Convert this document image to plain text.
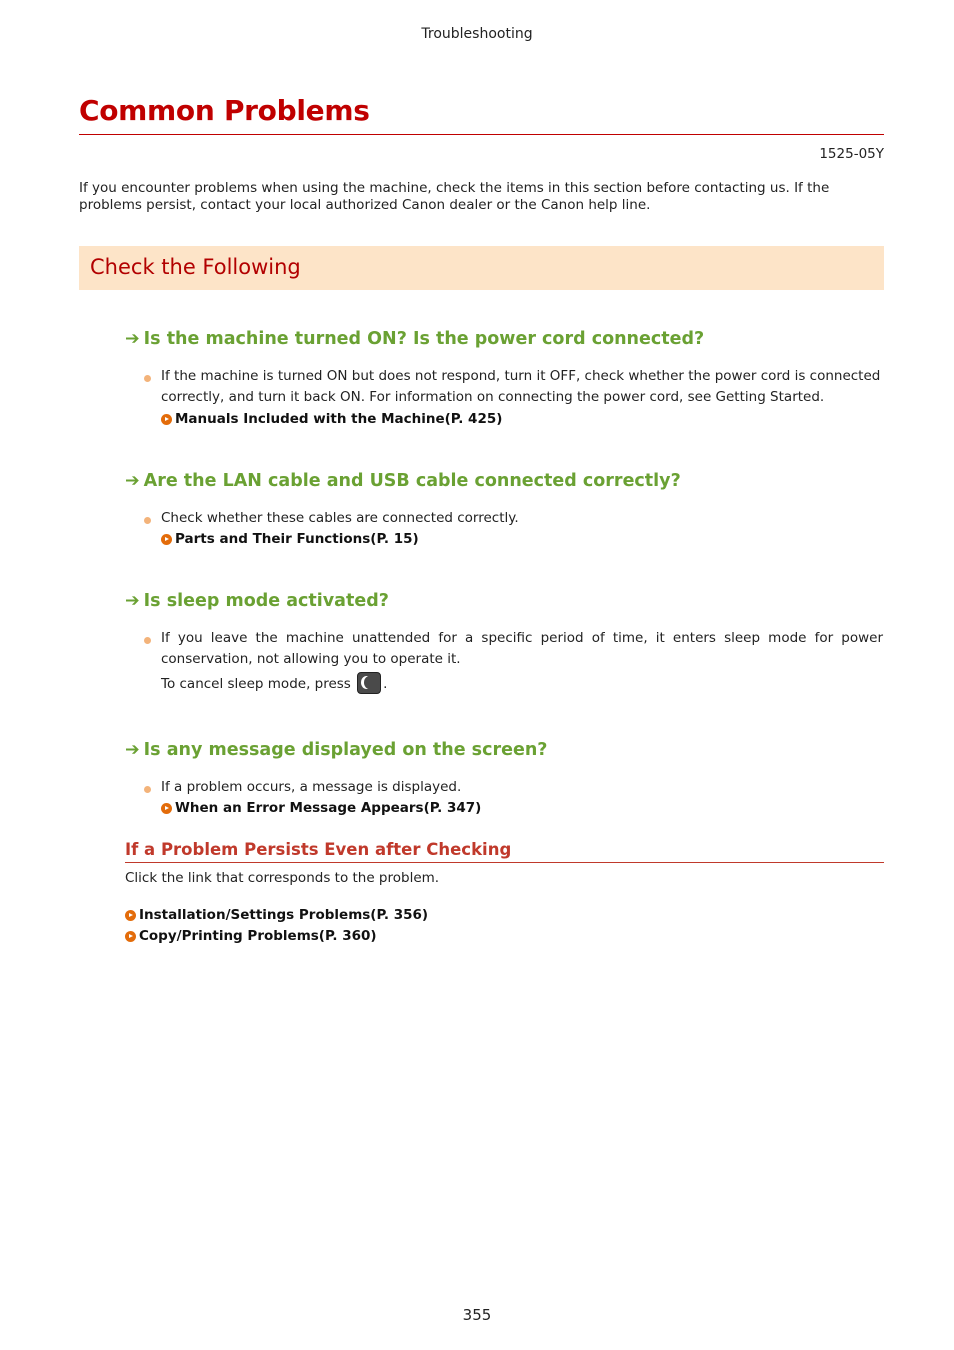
Troubleshooting
Common Problems
1525-05Y
If you encounter problems when using the machine, check the items in this section before contacting us. If the problems persist, contact your local authorized Canon dealer or the Canon help line.
Check the Following
➔ Is the machine turned ON? Is the power cord connected?
If the machine is turned ON but does not respond, turn it OFF, check whether the power cord is connected correctly, and turn it back ON. For information on connecting the power cord, see Getting Started.
Manuals Included with the Machine(P. 425)
➔ Are the LAN cable and USB cable connected correctly?
Check whether these cables are connected correctly.
Parts and Their Functions(P. 15)
➔ Is sleep mode activated?
If you leave the machine unattended for a specific period of time, it enters sleep mode for power
conservation, not allowing you to operate it.
To cancel sleep mode, press .
➔ Is any message displayed on the screen?
If a problem occurs, a message is displayed.
When an Error Message Appears(P. 347)
If a Problem Persists Even after Checking
Click the link that corresponds to the problem.
Installation/Settings Problems(P. 356)
Copy/Printing Problems(P. 360)
355
